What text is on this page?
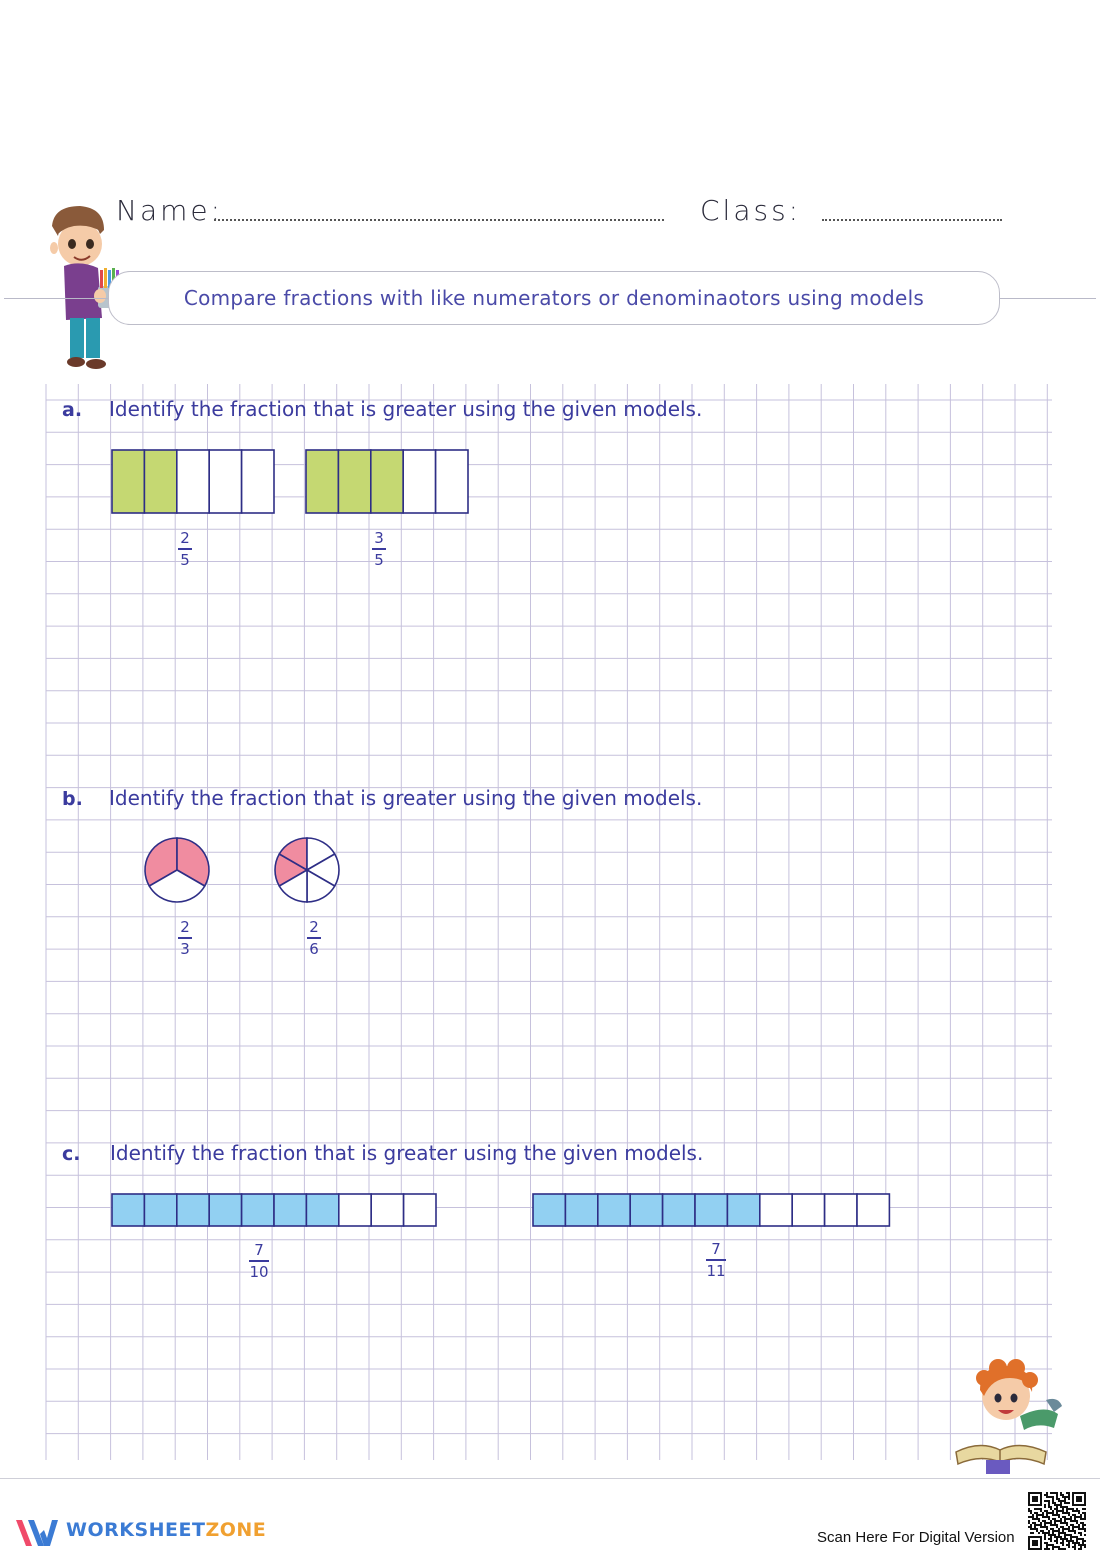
Name:	Class:
Compare fractions with like numerators or denominaotors using models
a. Identify the fraction that is greater using the given models.
2
5
3
5
b. Identify the fraction that is greater using the given models.
2
3
2
6
c. Identify the fraction that is greater using the given models.
7
10
7
11
WORKSHEETZONE	Scan Here For Digital Version
